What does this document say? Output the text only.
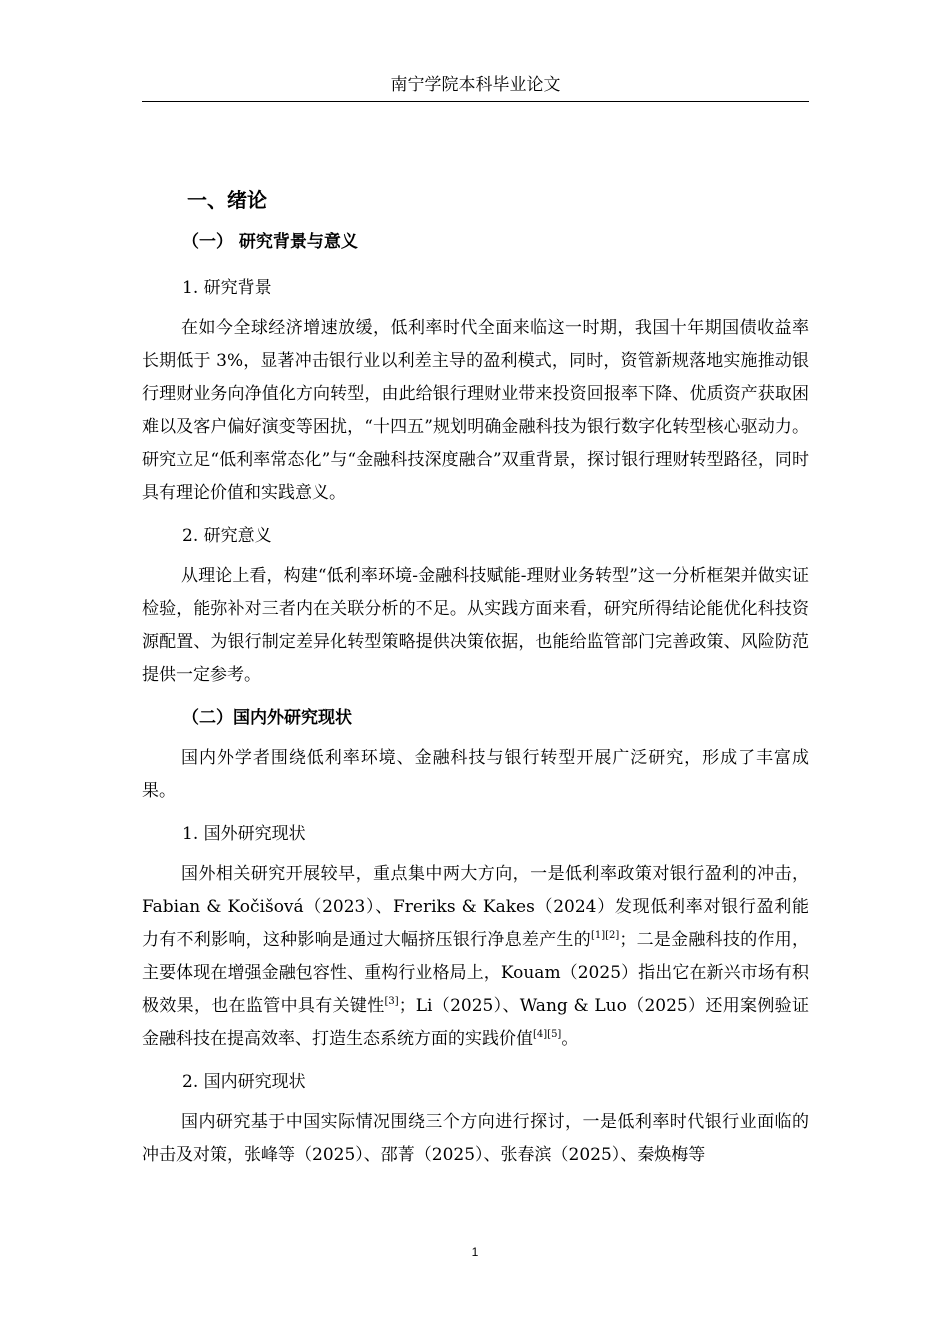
南宁学院本科毕业论文
一、绪论
（一） 研究背景与意义
1. 研究背景

在如今全球经济增速放缓，低利率时代全面来临这一时期，我国十年期国债收益率长期低于 3%，显著冲击银行业以利差主导的盈利模式，同时，资管新规落地实施推动银行理财业务向净值化方向转型，由此给银行理财业带来投资回报率下降、优质资产获取困难以及客户偏好演变等困扰，“十四五”规划明确金融科技为银行数字化转型核心驱动力。研究立足“低利率常态化”与“金融科技深度融合”双重背景，探讨银行理财转型路径，同时具有理论价值和实践意义。

2. 研究意义

从理论上看，构建“低利率环境-金融科技赋能-理财业务转型”这一分析框架并做实证检验，能弥补对三者内在关联分析的不足。从实践方面来看，研究所得结论能优化科技资源配置、为银行制定差异化转型策略提供决策依据，也能给监管部门完善政策、风险防范提供一定参考。

（二）国内外研究现状

国内外学者围绕低利率环境、金融科技与银行转型开展广泛研究，形成了丰富成果。

1. 国外研究现状

国外相关研究开展较早，重点集中两大方向，一是低利率政策对银行盈利的冲击，Fabian & Kočišová（2023）、Freriks & Kakes（2024）发现低利率对银行盈利能力有不利影响，这种影响是通过大幅挤压银行净息差产生的[1][2]；二是金融科技的作用，主要体现在增强金融包容性、重构行业格局上，Kouam（2025）指出它在新兴市场有积极效果，也在监管中具有关键性[3]；Li（2025）、Wang & Luo（2025）还用案例验证金融科技在提高效率、打造生态系统方面的实践价值[4][5]。

2. 国内研究现状

国内研究基于中国实际情况围绕三个方向进行探讨，一是低利率时代银行业面临的冲击及对策，张峰等（2025）、邵菁（2025）、张春滨（2025）、秦焕梅等

1
